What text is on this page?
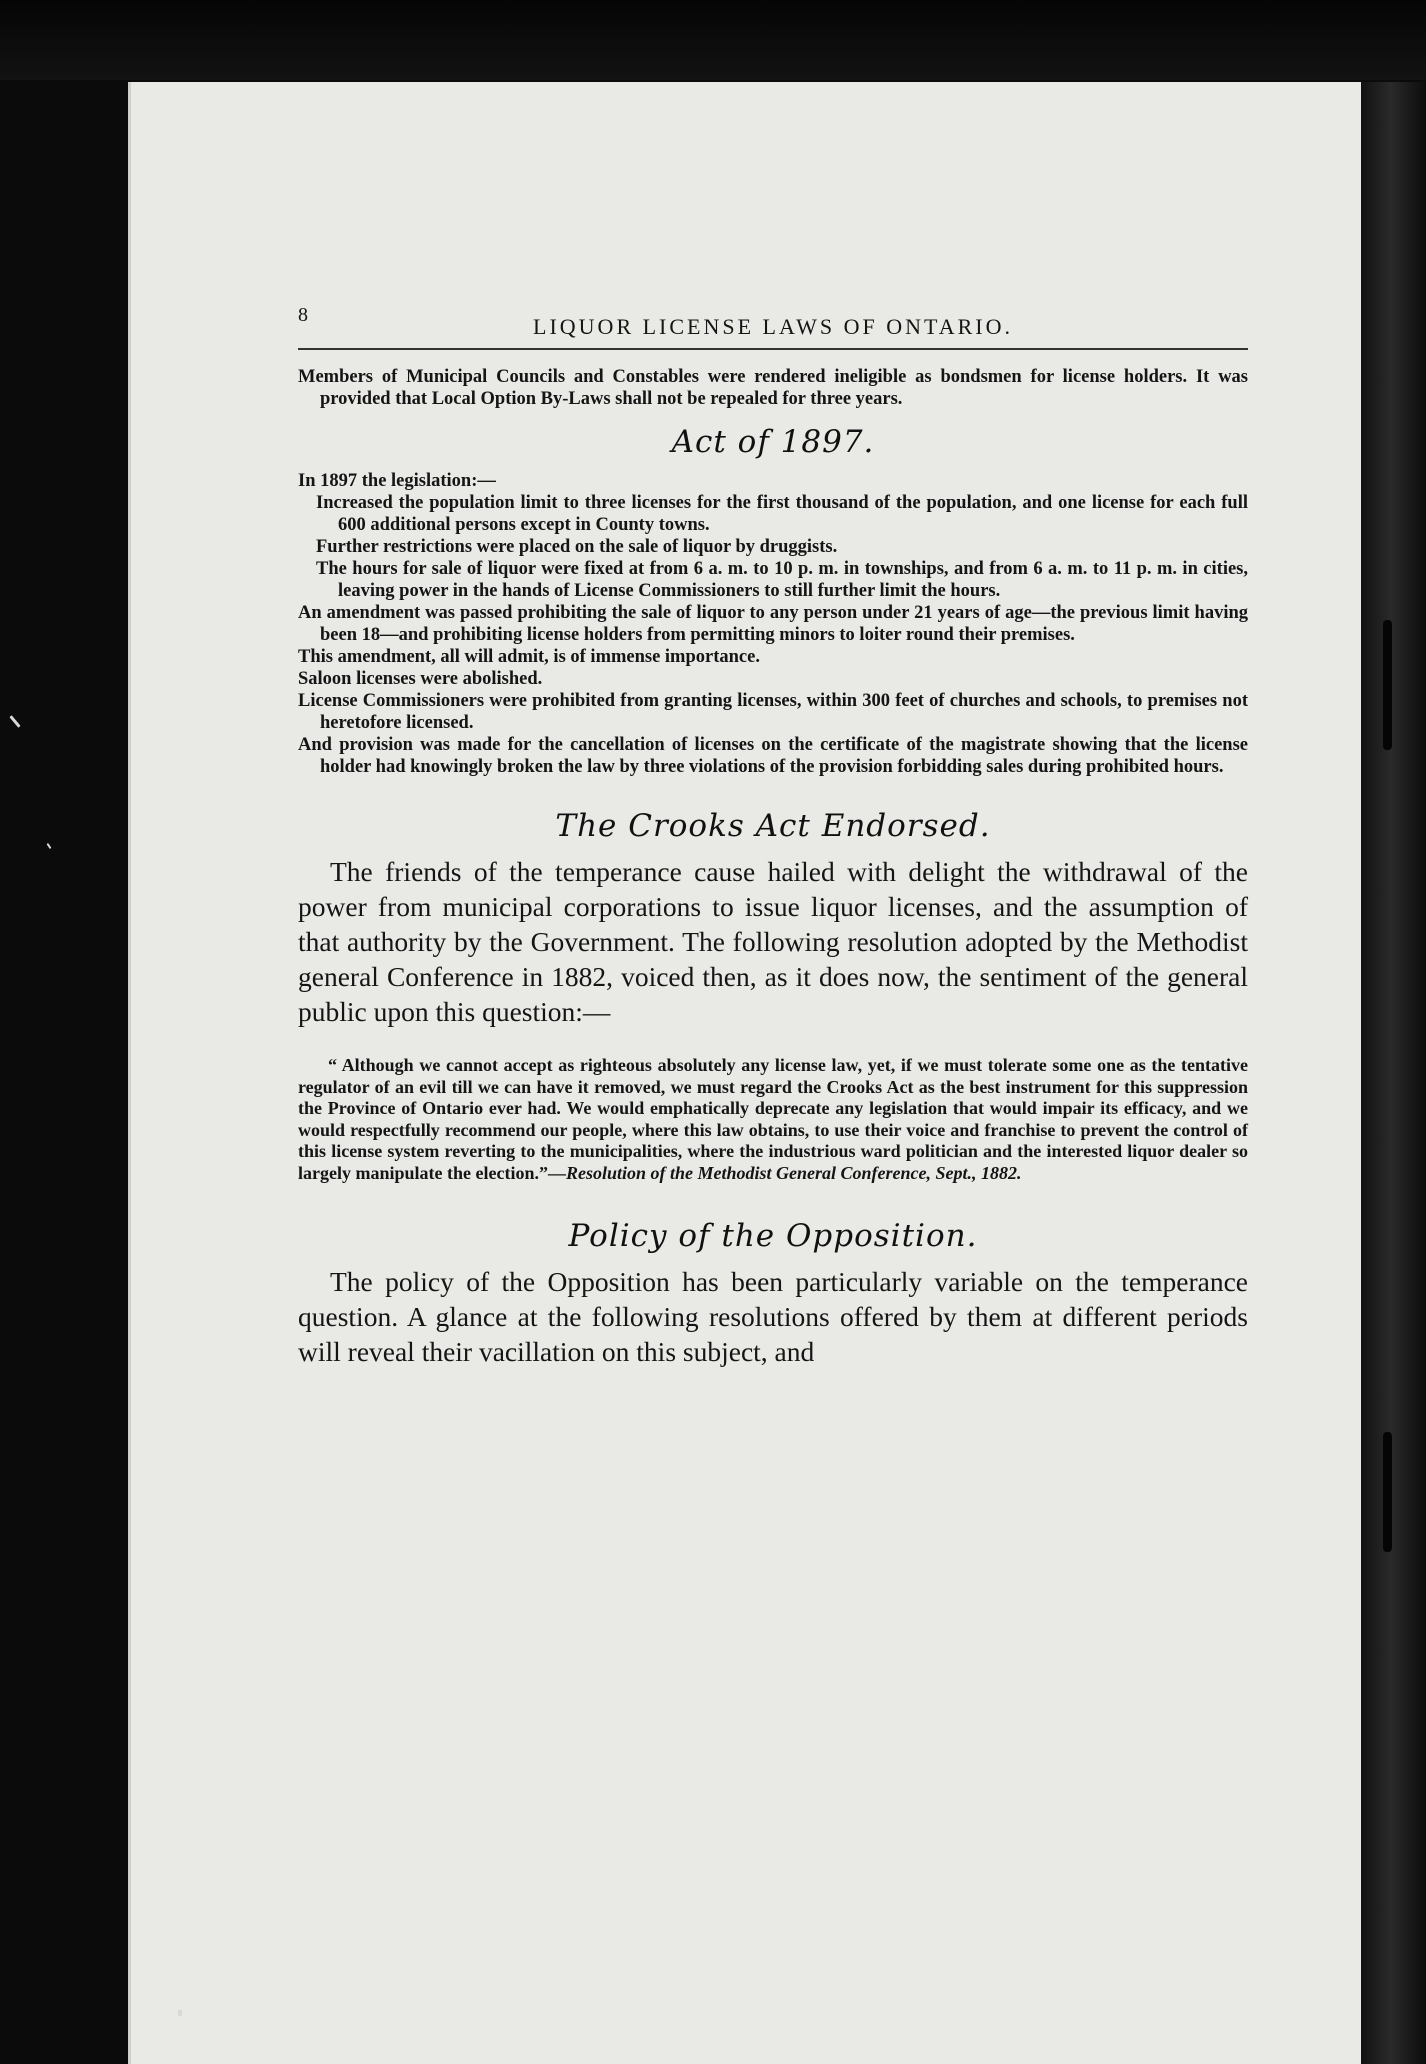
8	LIQUOR LICENSE LAWS OF ONTARIO.

Members of Municipal Councils and Constables were rendered ineligible as bondsmen for license holders. It was provided that Local Option By-Laws shall not be repealed for three years.

Act of 1897.

In 1897 the legislation:—

Increased the population limit to three licenses for the first thousand of the population, and one license for each full 600 additional persons except in County towns.

Further restrictions were placed on the sale of liquor by druggists.

The hours for sale of liquor were fixed at from 6 a. m. to 10 p. m. in townships, and from 6 a. m. to 11 p. m. in cities, leaving power in the hands of License Commissioners to still further limit the hours.

An amendment was passed prohibiting the sale of liquor to any person under 21 years of age—the previous limit having been 18—and prohibiting license holders from permitting minors to loiter round their premises.

This amendment, all will admit, is of immense importance.

Saloon licenses were abolished.

License Commissioners were prohibited from granting licenses, within 300 feet of churches and schools, to premises not heretofore licensed.

And provision was made for the cancellation of licenses on the certificate of the magistrate showing that the license holder had knowingly broken the law by three violations of the provision forbidding sales during prohibited hours.

The Crooks Act Endorsed.

The friends of the temperance cause hailed with delight the withdrawal of the power from municipal corporations to issue liquor licenses, and the assumption of that authority by the Government. The following resolution adopted by the Methodist general Conference in 1882, voiced then, as it does now, the sentiment of the general public upon this question:—

“ Although we cannot accept as righteous absolutely any license law, yet, if we must tolerate some one as the tentative regulator of an evil till we can have it removed, we must regard the Crooks Act as the best instrument for this suppression the Province of Ontario ever had. We would emphatically deprecate any legislation that would impair its efficacy, and we would respectfully recommend our people, where this law obtains, to use their voice and franchise to prevent the control of this license system reverting to the municipalities, where the industrious ward politician and the interested liquor dealer so largely manipulate the election.”—Resolution of the Methodist General Conference, Sept., 1882.

Policy of the Opposition.

The policy of the Opposition has been particularly variable on the temperance question. A glance at the following resolutions offered by them at different periods will reveal their vacillation on this subject, and
